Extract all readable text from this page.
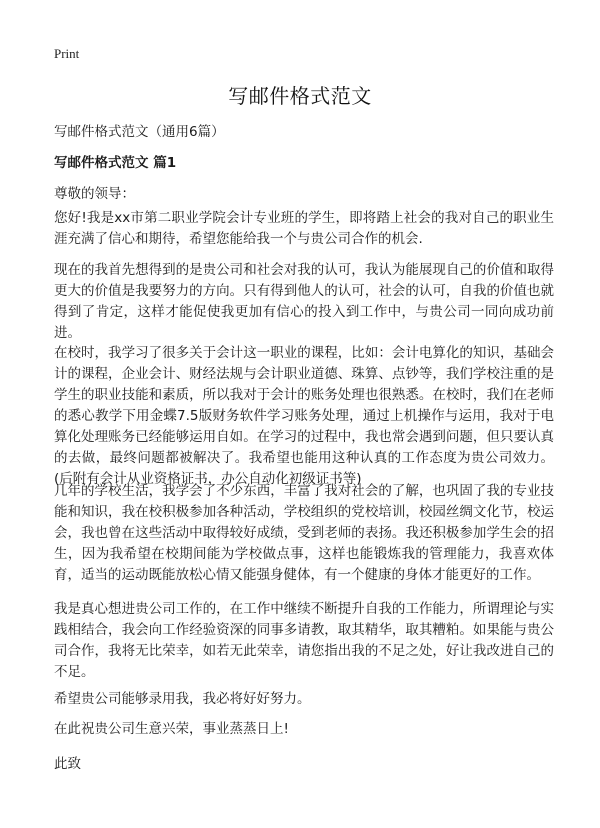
Print
写邮件格式范文
写邮件格式范文（通用6篇）
写邮件格式范文 篇1
尊敬的领导：
您好!我是xx市第二职业学院会计专业班的学生，即将踏上社会的我对自己的职业生涯充满了信心和期待，希望您能给我一个与贵公司合作的机会.
现在的我首先想得到的是贵公司和社会对我的认可，我认为能展现自己的价值和取得更大的价值是我要努力的方向。只有得到他人的认可，社会的认可，自我的价值也就得到了肯定，这样才能促使我更加有信心的投入到工作中，与贵公司一同向成功前进。
在校时，我学习了很多关于会计这一职业的课程，比如：会计电算化的知识，基础会计的课程，企业会计、财经法规与会计职业道德、珠算、点钞等，我们学校注重的是学生的职业技能和素质，所以我对于会计的账务处理也很熟悉。在校时，我们在老师的悉心教学下用金蝶7.5版财务软件学习账务处理，通过上机操作与运用，我对于电算化处理账务已经能够运用自如。在学习的过程中，我也常会遇到问题，但只要认真的去做，最终问题都被解决了。我希望也能用这种认真的工作态度为贵公司效力。(后附有会计从业资格证书，办公自动化初级证书等)
几年的学校生活，我学会了不少东西，丰富了我对社会的了解，也巩固了我的专业技能和知识，我在校积极参加各种活动，学校组织的党校培训，校园丝绸文化节，校运会，我也曾在这些活动中取得较好成绩，受到老师的表扬。我还积极参加学生会的招生，因为我希望在校期间能为学校做点事，这样也能锻炼我的管理能力，我喜欢体育，适当的运动既能放松心情又能强身健体，有一个健康的身体才能更好的工作。
我是真心想进贵公司工作的，在工作中继续不断提升自我的工作能力，所谓理论与实践相结合，我会向工作经验资深的同事多请教，取其精华，取其糟粕。如果能与贵公司合作，我将无比荣幸，如若无此荣幸，请您指出我的不足之处，好让我改进自己的不足。
希望贵公司能够录用我，我必将好好努力。
在此祝贵公司生意兴荣，事业蒸蒸日上!
此致
